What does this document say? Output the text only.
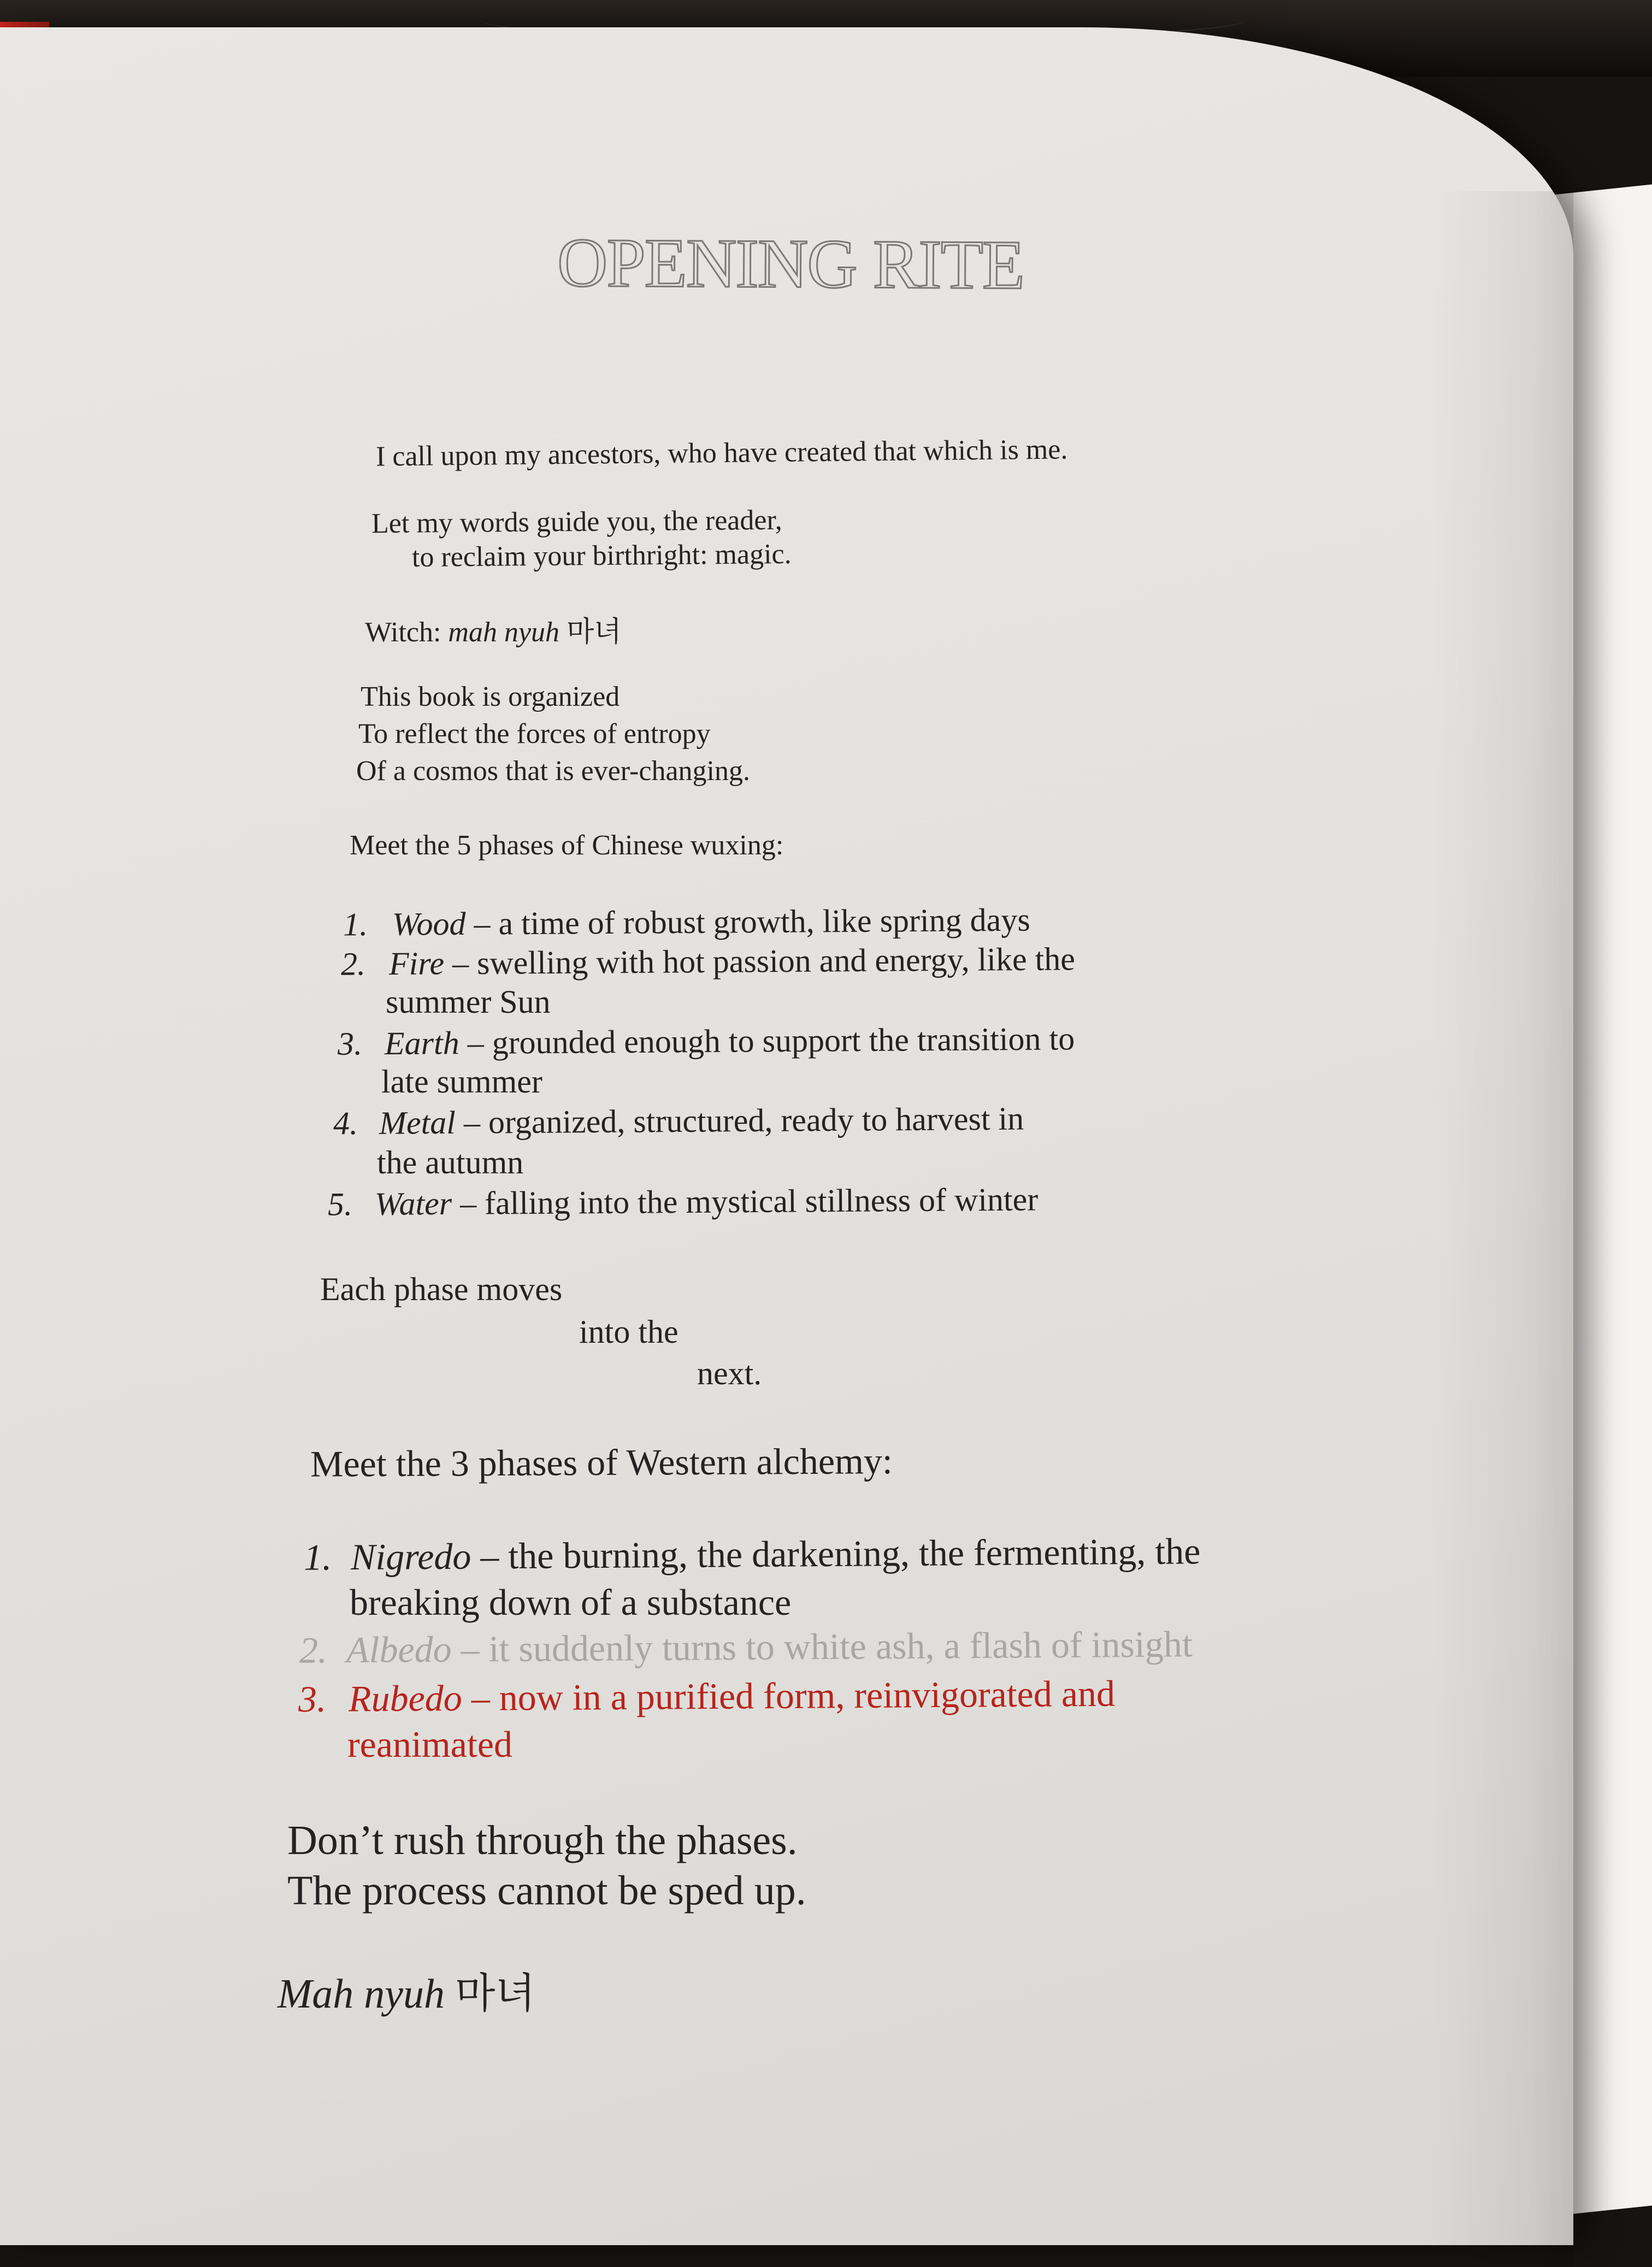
OPENING RITE
I call upon my ancestors, who have created that which is me.
Let my words guide you, the reader,
to reclaim your birthright: magic.
Witch: mah nyuh 마녀
This book is organized
To reflect the forces of entropy
Of a cosmos that is ever-changing.
Meet the 5 phases of Chinese wuxing:
1. Wood – a time of robust growth, like spring days
2. Fire – swelling with hot passion and energy, like the
summer Sun
3. Earth – grounded enough to support the transition to
late summer
4. Metal – organized, structured, ready to harvest in
the autumn
5. Water – falling into the mystical stillness of winter
Each phase moves
into the
next.
Meet the 3 phases of Western alchemy:
1. Nigredo – the burning, the darkening, the fermenting, the
breaking down of a substance
2. Albedo – it suddenly turns to white ash, a flash of insight
3. Rubedo – now in a purified form, reinvigorated and
reanimated
Don’t rush through the phases.
The process cannot be sped up.
Mah nyuh 마녀
